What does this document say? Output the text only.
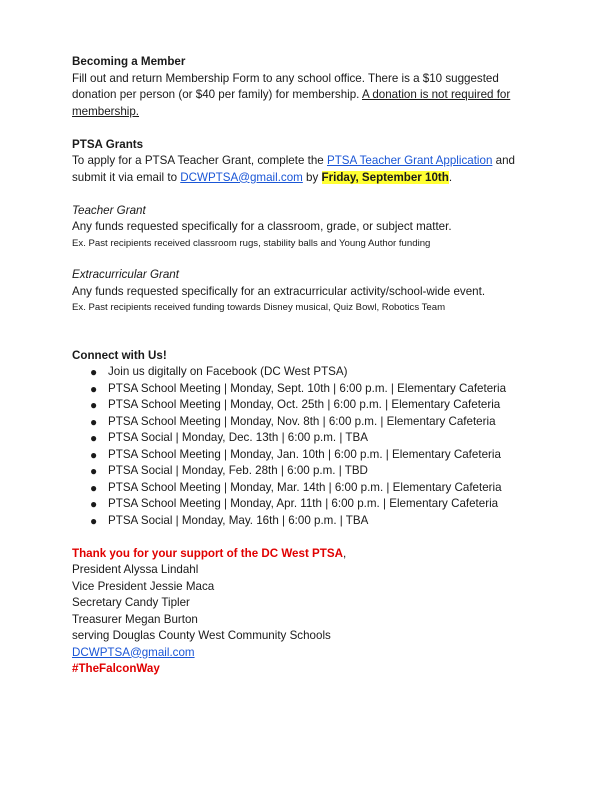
Becoming a Member
Fill out and return Membership Form to any school office. There is a $10 suggested donation per person (or $40 per family) for membership. A donation is not required for membership.
PTSA Grants
To apply for a PTSA Teacher Grant, complete the PTSA Teacher Grant Application and submit it via email to DCWPTSA@gmail.com by Friday, September 10th.
Teacher Grant
Any funds requested specifically for a classroom, grade, or subject matter.
Ex. Past recipients received classroom rugs, stability balls and Young Author funding
Extracurricular Grant
Any funds requested specifically for an extracurricular activity/school-wide event.
Ex. Past recipients received funding towards Disney musical, Quiz Bowl, Robotics Team
Connect with Us!
● Join us digitally on Facebook (DC West PTSA)
● PTSA School Meeting | Monday, Sept. 10th | 6:00 p.m. | Elementary Cafeteria
● PTSA School Meeting | Monday, Oct. 25th | 6:00 p.m. | Elementary Cafeteria
● PTSA School Meeting | Monday, Nov. 8th | 6:00 p.m. | Elementary Cafeteria
● PTSA Social | Monday, Dec. 13th | 6:00 p.m. | TBA
● PTSA School Meeting | Monday, Jan. 10th | 6:00 p.m. | Elementary Cafeteria
● PTSA Social | Monday, Feb. 28th | 6:00 p.m. | TBD
● PTSA School Meeting | Monday, Mar. 14th | 6:00 p.m. | Elementary Cafeteria
● PTSA School Meeting | Monday, Apr. 11th | 6:00 p.m. | Elementary Cafeteria
● PTSA Social | Monday, May. 16th | 6:00 p.m. | TBA
Thank you for your support of the DC West PTSA,
President Alyssa Lindahl
Vice President Jessie Maca
Secretary Candy Tipler
Treasurer Megan Burton
serving Douglas County West Community Schools
DCWPTSA@gmail.com
#TheFalconWay
